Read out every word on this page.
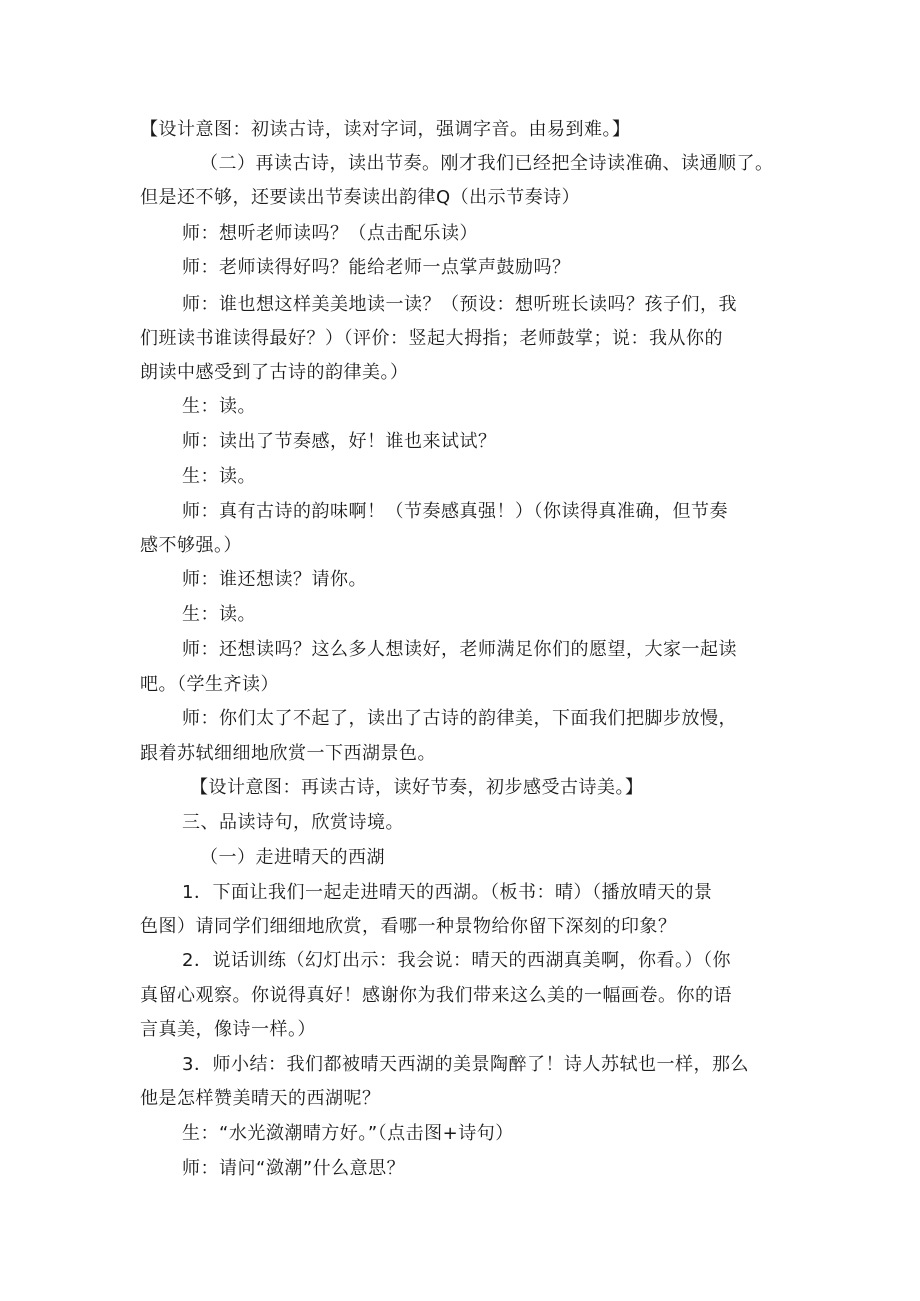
【设计意图：初读古诗，读对字词，强调字音。由易到难。】
（二）再读古诗，读出节奏。刚才我们已经把全诗读准确、读通顺了。
但是还不够，还要读出节奏读出韵律Q（出示节奏诗）
师：想听老师读吗？（点击配乐读）
师：老师读得好吗？能给老师一点掌声鼓励吗？
师：谁也想这样美美地读一读？（预设：想听班长读吗？孩子们，我
们班读书谁读得最好？）（评价：竖起大拇指；老师鼓掌；说：我从你的
朗读中感受到了古诗的韵律美。）
生：读。
师：读出了节奏感，好！谁也来试试？
生：读。
师：真有古诗的韵味啊！（节奏感真强！）（你读得真准确，但节奏
感不够强。）
师：谁还想读？请你。
生：读。
师：还想读吗？这么多人想读好，老师满足你们的愿望，大家一起读
吧。（学生齐读）
师：你们太了不起了，读出了古诗的韵律美，下面我们把脚步放慢，
跟着苏轼细细地欣赏一下西湖景色。
【设计意图：再读古诗，读好节奏，初步感受古诗美。】
三、品读诗句，欣赏诗境。
（一）走进晴天的西湖
1．下面让我们一起走进晴天的西湖。（板书：晴）（播放晴天的景
色图）请同学们细细地欣赏，看哪一种景物给你留下深刻的印象？
2．说话训练（幻灯出示：我会说：晴天的西湖真美啊，你看。）（你
真留心观察。你说得真好！感谢你为我们带来这么美的一幅画卷。你的语
言真美，像诗一样。）
3．师小结：我们都被晴天西湖的美景陶醉了！诗人苏轼也一样，那么
他是怎样赞美晴天的西湖呢？
生：“水光潋潮晴方好。”（点击图+诗句）
师：请问“潋潮”什么意思？
